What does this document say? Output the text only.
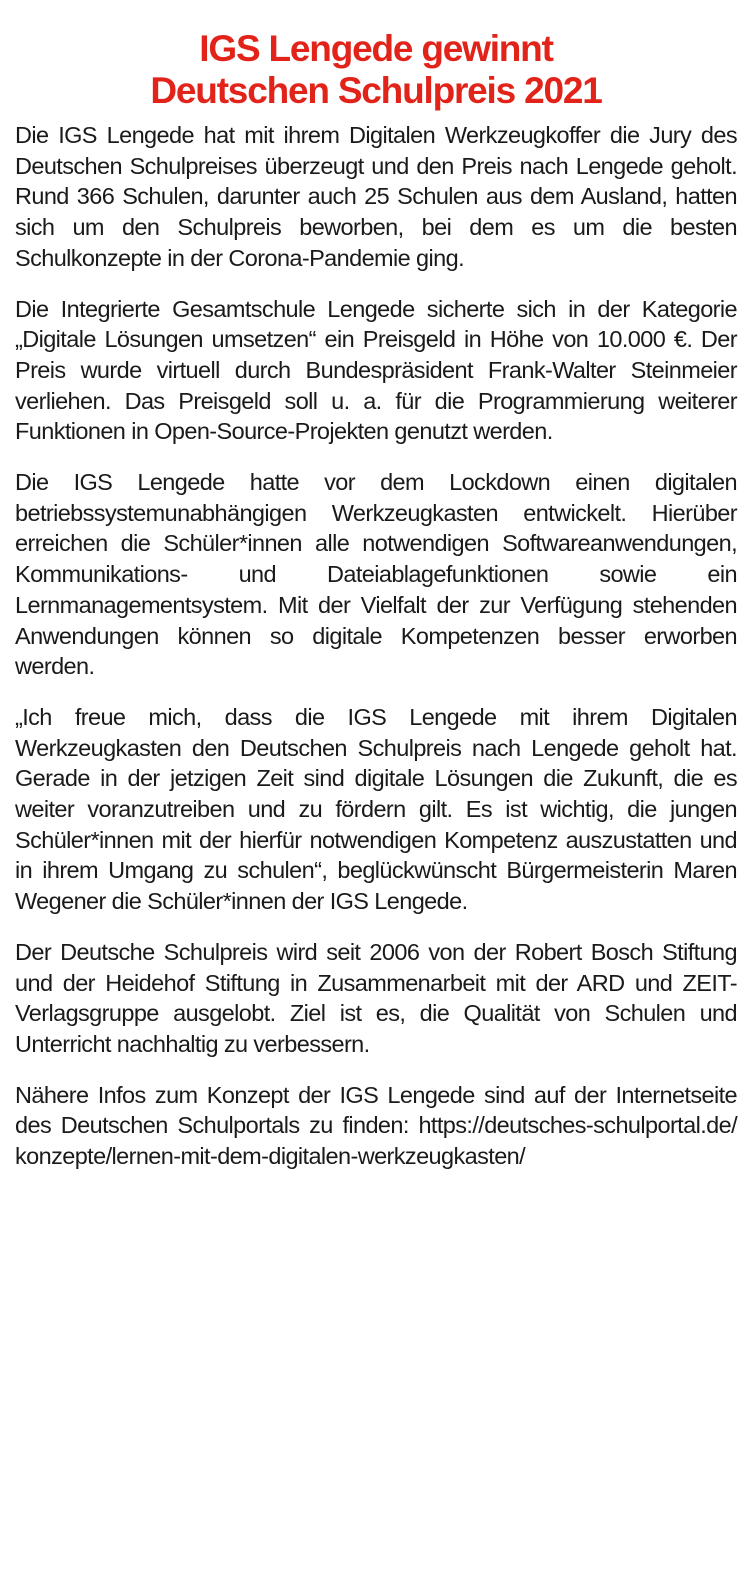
IGS Lengede gewinnt
Deutschen Schulpreis 2021

Die IGS Lengede hat mit ihrem Digitalen Werkzeugkoffer die Jury des Deutschen Schulpreises überzeugt und den Preis nach Lengede geholt. Rund 366 Schulen, darunter auch 25 Schulen aus dem Ausland, hatten sich um den Schulpreis beworben, bei dem es um die besten Schulkonzepte in der Corona-Pandemie ging.

Die Integrierte Gesamtschule Lengede sicherte sich in der Kategorie „Digitale Lösungen umsetzen“ ein Preisgeld in Höhe von 10.000 €. Der Preis wurde virtuell durch Bundespräsident Frank-Walter Steinmeier verliehen. Das Preisgeld soll u. a. für die Programmierung weiterer Funktionen in Open-Source-Projekten genutzt werden.

Die IGS Lengede hatte vor dem Lockdown einen digitalen betriebssystemunabhängigen Werkzeugkasten entwickelt. Hierüber erreichen die Schüler*innen alle notwendigen Softwareanwendungen, Kommunikations- und Dateiablagefunktionen sowie ein Lernmanagementsystem. Mit der Vielfalt der zur Verfügung stehenden Anwendungen können so digitale Kompetenzen besser erworben werden.

„Ich freue mich, dass die IGS Lengede mit ihrem Digitalen Werkzeugkasten den Deutschen Schulpreis nach Lengede geholt hat. Gerade in der jetzigen Zeit sind digitale Lösungen die Zukunft, die es weiter voranzutreiben und zu fördern gilt. Es ist wichtig, die jungen Schüler*innen mit der hierfür notwendigen Kompetenz auszustatten und in ihrem Umgang zu schulen“, beglückwünscht Bürgermeisterin Maren Wegener die Schüler*innen der IGS Lengede.

Der Deutsche Schulpreis wird seit 2006 von der Robert Bosch Stiftung und der Heidehof Stiftung in Zusammenarbeit mit der ARD und ZEIT-Verlagsgruppe ausgelobt. Ziel ist es, die Qualität von Schulen und Unterricht nachhaltig zu verbessern.

Nähere Infos zum Konzept der IGS Lengede sind auf der Internetseite des Deutschen Schulportals zu finden: https://deutsches-schulportal.de/ konzepte/lernen-mit-dem-digitalen-werkzeugkasten/
